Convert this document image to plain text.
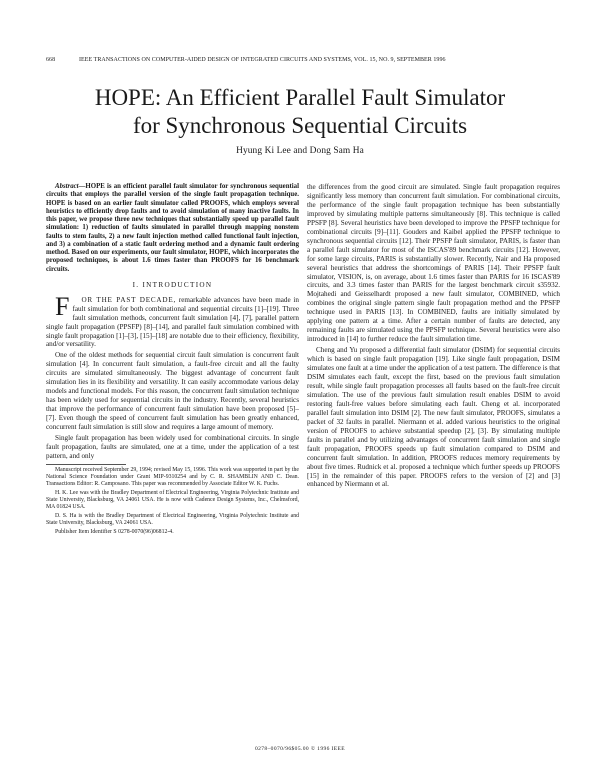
668	IEEE TRANSACTIONS ON COMPUTER-AIDED DESIGN OF INTEGRATED CIRCUITS AND SYSTEMS, VOL. 15, NO. 9, SEPTEMBER 1996
HOPE: An Efficient Parallel Fault Simulator
for Synchronous Sequential Circuits
Hyung Ki Lee and Dong Sam Ha

Abstract—HOPE is an efficient parallel fault simulator for synchronous sequential circuits that employs the parallel version of the single fault propagation technique. HOPE is based on an earlier fault simulator called PROOFS, which employs several heuristics to efficiently drop faults and to avoid simulation of many inactive faults. In this paper, we propose three new techniques that substantially speed up parallel fault simulation: 1) reduction of faults simulated in parallel through mapping nonstem faults to stem faults, 2) a new fault injection method called functional fault injection, and 3) a combination of a static fault ordering method and a dynamic fault ordering method. Based on our experiments, our fault simulator, HOPE, which incorporates the proposed techniques, is about 1.6 times faster than PROOFS for 16 benchmark circuits.

I. INTRODUCTION

F OR THE PAST DECADE, remarkable advances have been made in fault simulation for both combinational and sequential circuits [1]–[19]. Three fault simulation methods, concurrent fault simulation [4], [7], parallel pattern single fault propagation (PPSFP) [8]–[14], and parallel fault simulation combined with single fault propagation [1]–[3], [15]–[18] are notable due to their efficiency, flexibility, and/or versatility.

One of the oldest methods for sequential circuit fault simulation is concurrent fault simulation [4]. In concurrent fault simulation, a fault-free circuit and all the faulty circuits are simulated simultaneously. The biggest advantage of concurrent fault simulation lies in its flexibility and versatility. It can easily accommodate various delay models and functional models. For this reason, the concurrent fault simulation technique has been widely used for sequential circuits in the industry. Recently, several heuristics that improve the performance of concurrent fault simulation have been proposed [5]–[7]. Even though the speed of concurrent fault simulation has been greatly enhanced, concurrent fault simulation is still slow and requires a large amount of memory.

Single fault propagation has been widely used for combinational circuits. In single fault propagation, faults are simulated, one at a time, under the application of a test pattern, and only

Manuscript received September 29, 1994; revised May 15, 1996. This work was supported in part by the National Science Foundation under Grant MIP-9310254 and by C. R. SHAMBLIN AND C. Dean. Transactions Editor: R. Camposano. This paper was recommended by Associate Editor W. K. Fuchs.

H. K. Lee was with the Bradley Department of Electrical Engineering, Virginia Polytechnic Institute and State University, Blacksburg, VA 24061 USA. He is now with Cadence Design Systems, Inc., Chelmsford, MA 01824 USA.

D. S. Ha is with the Bradley Department of Electrical Engineering, Virginia Polytechnic Institute and State University, Blacksburg, VA 24061 USA.

Publisher Item Identifier S 0278-0070(96)06812-4.

the differences from the good circuit are simulated. Single fault propagation requires significantly less memory than concurrent fault simulation. For combinational circuits, the performance of the single fault propagation technique has been substantially improved by simulating multiple patterns simultaneously [8]. This technique is called PPSFP [8]. Several heuristics have been developed to improve the PPSFP technique for combinational circuits [9]–[11]. Gouders and Kaibel applied the PPSFP technique to synchronous sequential circuits [12]. Their PPSFP fault simulator, PARIS, is faster than a parallel fault simulator for most of the ISCAS'89 benchmark circuits [12]. However, for some large circuits, PARIS is substantially slower. Recently, Nair and Ha proposed several heuristics that address the shortcomings of PARIS [14]. Their PPSFP fault simulator, VISION, is, on average, about 1.6 times faster than PARIS for 16 ISCAS'89 circuits, and 3.3 times faster than PARIS for the largest benchmark circuit s35932. Mojtahedi and Geisselhardt proposed a new fault simulator, COMBINED, which combines the original single pattern single fault propagation method and the PPSFP technique used in PARIS [13]. In COMBINED, faults are initially simulated by applying one pattern at a time. After a certain number of faults are detected, any remaining faults are simulated using the PPSFP technique. Several heuristics were also introduced in [14] to further reduce the fault simulation time.

Cheng and Yu proposed a differential fault simulator (DSIM) for sequential circuits which is based on single fault propagation [19]. Like single fault propagation, DSIM simulates one fault at a time under the application of a test pattern. The difference is that DSIM simulates each fault, except the first, based on the previous fault simulation result, while single fault propagation processes all faults based on the fault-free circuit simulation. The use of the previous fault simulation result enables DSIM to avoid restoring fault-free values before simulating each fault. Cheng et al. incorporated parallel fault simulation into DSIM [2]. The new fault simulator, PROOFS, simulates a packet of 32 faults in parallel. Niermann et al. added various heuristics to the original version of PROOFS to achieve substantial speedup [2], [3]. By simulating multiple faults in parallel and by utilizing advantages of concurrent fault simulation and single fault propagation, PROOFS speeds up fault simulation compared to DSIM and concurrent fault simulation. In addition, PROOFS reduces memory requirements by about five times. Rudnick et al. proposed a technique which further speeds up PROOFS [15] in the remainder of this paper. PROOFS refers to the version of [2] and [3] enhanced by Niermann et al.

0278–0070/96$05.00 © 1996 IEEE
